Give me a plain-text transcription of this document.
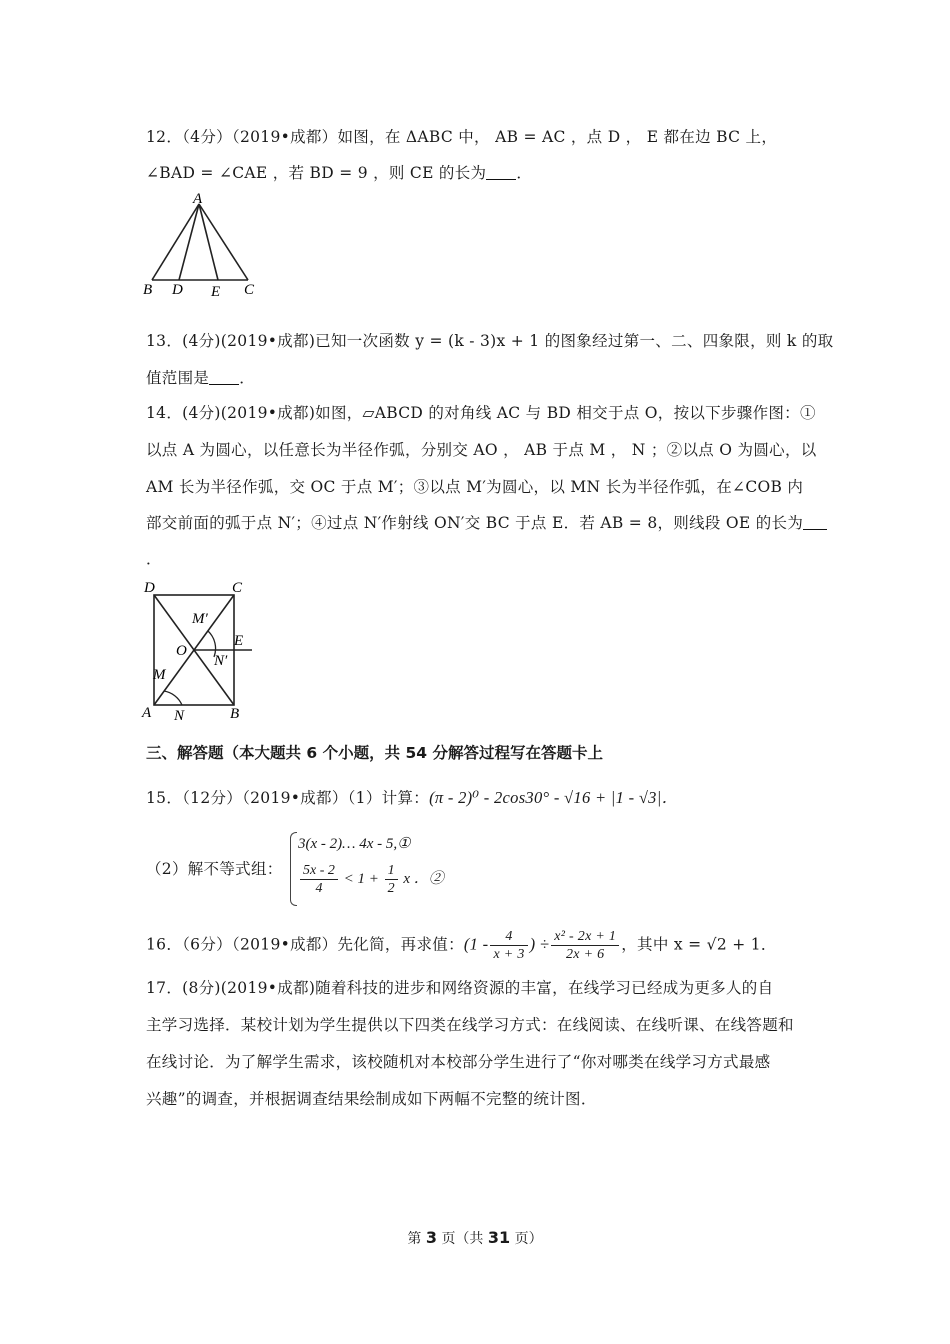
12．（4分）（2019•成都）如图，在 ΔABC 中， AB = AC ，点 D ， E 都在边 BC 上，
∠BAD = ∠CAE ，若 BD = 9 ，则 CE 的长为 ．
A
B D E C
13．(4分)(2019•成都)已知一次函数 y = (k - 3)x + 1 的图象经过第一、二、四象限，则 k 的取
值范围是 ．
14．(4分)(2019•成都)如图，▱ABCD 的对角线 AC 与 BD 相交于点 O，按以下步骤作图：①
以点 A 为圆心，以任意长为半径作弧，分别交 AO ， AB 于点 M ， N ；②以点 O 为圆心，以
AM 长为半径作弧，交 OC 于点 M′；③以点 M′为圆心，以 MN 长为半径作弧，在∠COB 内
部交前面的弧于点 N′；④过点 N′作射线 ON′交 BC 于点 E．若 AB = 8，则线段 OE 的长为
．
D	C
M′
E
O
N′
M
A N	B
三、解答题（本大题共 6 个小题，共 54 分解答过程写在答题卡上
15．（12分）（2019•成都）（1）计算：(π - 2)⁰ - 2cos30° - √16 + |1 - √3|．
（2）解不等式组：
3(x - 2)… 4x - 5,①
$\frac{5x - 2}{4} < 1 + \frac{1}{2}$ x ．②
16．（6分）（2019•成都）先化简，再求值：($1 - \frac{4}{x + 3}$ ) ÷ $\frac{\text{x² - 2x + 1}}{2x + 6}$ ，其中 x = √2 + 1．
17．(8分)(2019•成都)随着科技的进步和网络资源的丰富，在线学习已经成为更多人的自
主学习选择．某校计划为学生提供以下四类在线学习方式：在线阅读、在线听课、在线答题和
在线讨论．为了解学生需求，该校随机对本校部分学生进行了“你对哪类在线学习方式最感
兴趣”的调查，并根据调查结果绘制成如下两幅不完整的统计图．
第 3 页（共 31 页）
